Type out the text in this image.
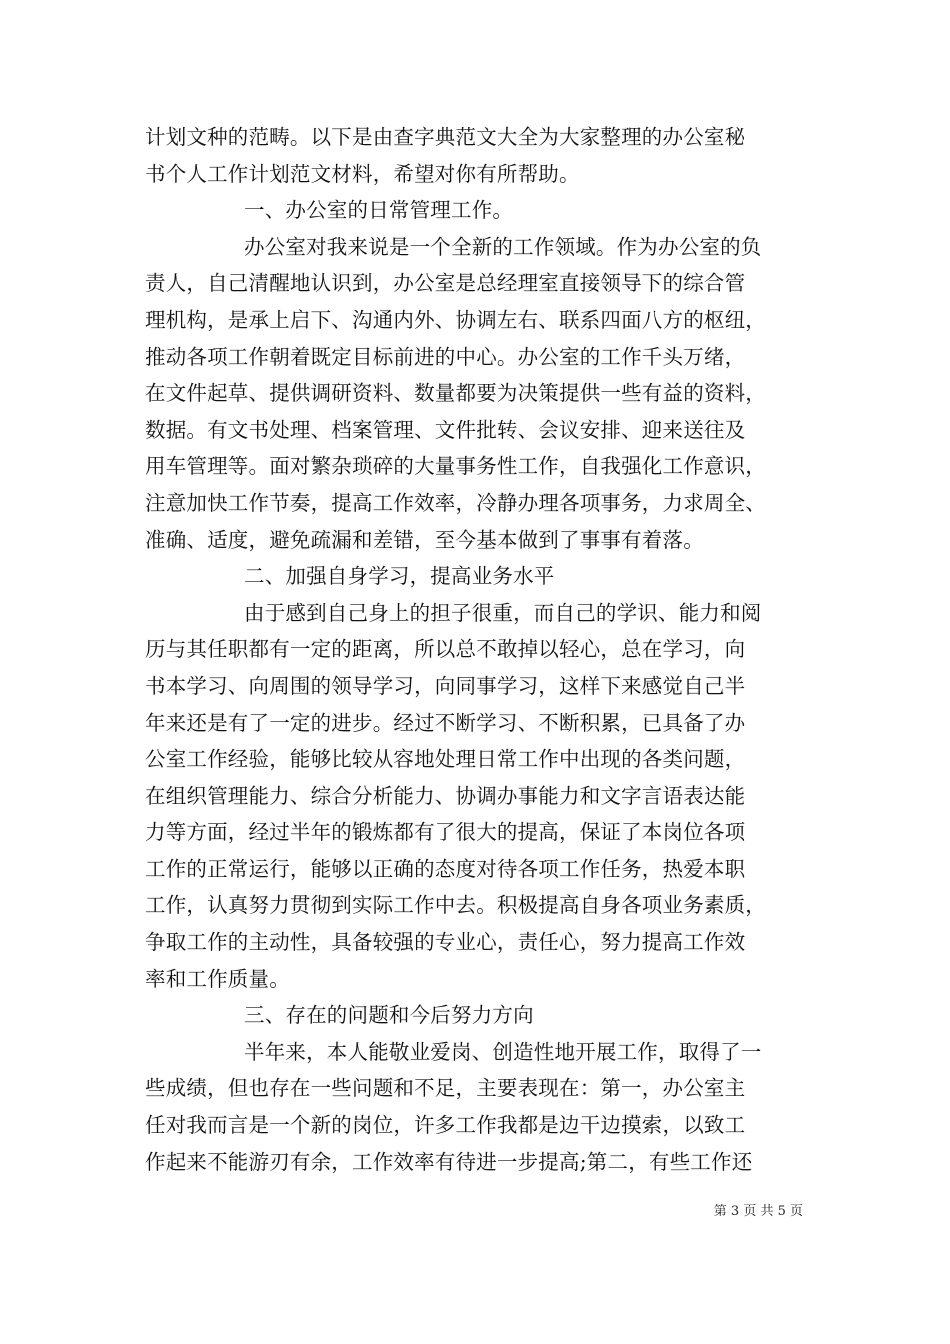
计划文种的范畴。以下是由查字典范文大全为大家整理的办公室秘
书个人工作计划范文材料，希望对你有所帮助。
一、办公室的日常管理工作。
办公室对我来说是一个全新的工作领域。作为办公室的负
责人，自己清醒地认识到，办公室是总经理室直接领导下的综合管
理机构，是承上启下、沟通内外、协调左右、联系四面八方的枢纽，
推动各项工作朝着既定目标前进的中心。办公室的工作千头万绪，
在文件起草、提供调研资料、数量都要为决策提供一些有益的资料，
数据。有文书处理、档案管理、文件批转、会议安排、迎来送往及
用车管理等。面对繁杂琐碎的大量事务性工作，自我强化工作意识，
注意加快工作节奏，提高工作效率，冷静办理各项事务，力求周全、
准确、适度，避免疏漏和差错，至今基本做到了事事有着落。
二、加强自身学习，提高业务水平
由于感到自己身上的担子很重，而自己的学识、能力和阅
历与其任职都有一定的距离，所以总不敢掉以轻心，总在学习，向
书本学习、向周围的领导学习，向同事学习，这样下来感觉自己半
年来还是有了一定的进步。经过不断学习、不断积累，已具备了办
公室工作经验，能够比较从容地处理日常工作中出现的各类问题，
在组织管理能力、综合分析能力、协调办事能力和文字言语表达能
力等方面，经过半年的锻炼都有了很大的提高，保证了本岗位各项
工作的正常运行，能够以正确的态度对待各项工作任务，热爱本职
工作，认真努力贯彻到实际工作中去。积极提高自身各项业务素质，
争取工作的主动性，具备较强的专业心，责任心，努力提高工作效
率和工作质量。
三、存在的问题和今后努力方向
半年来，本人能敬业爱岗、创造性地开展工作，取得了一
些成绩，但也存在一些问题和不足，主要表现在：第一，办公室主
任对我而言是一个新的岗位，许多工作我都是边干边摸索，以致工
作起来不能游刃有余，工作效率有待进一步提高;第二，有些工作还
第 3 页 共 5 页
